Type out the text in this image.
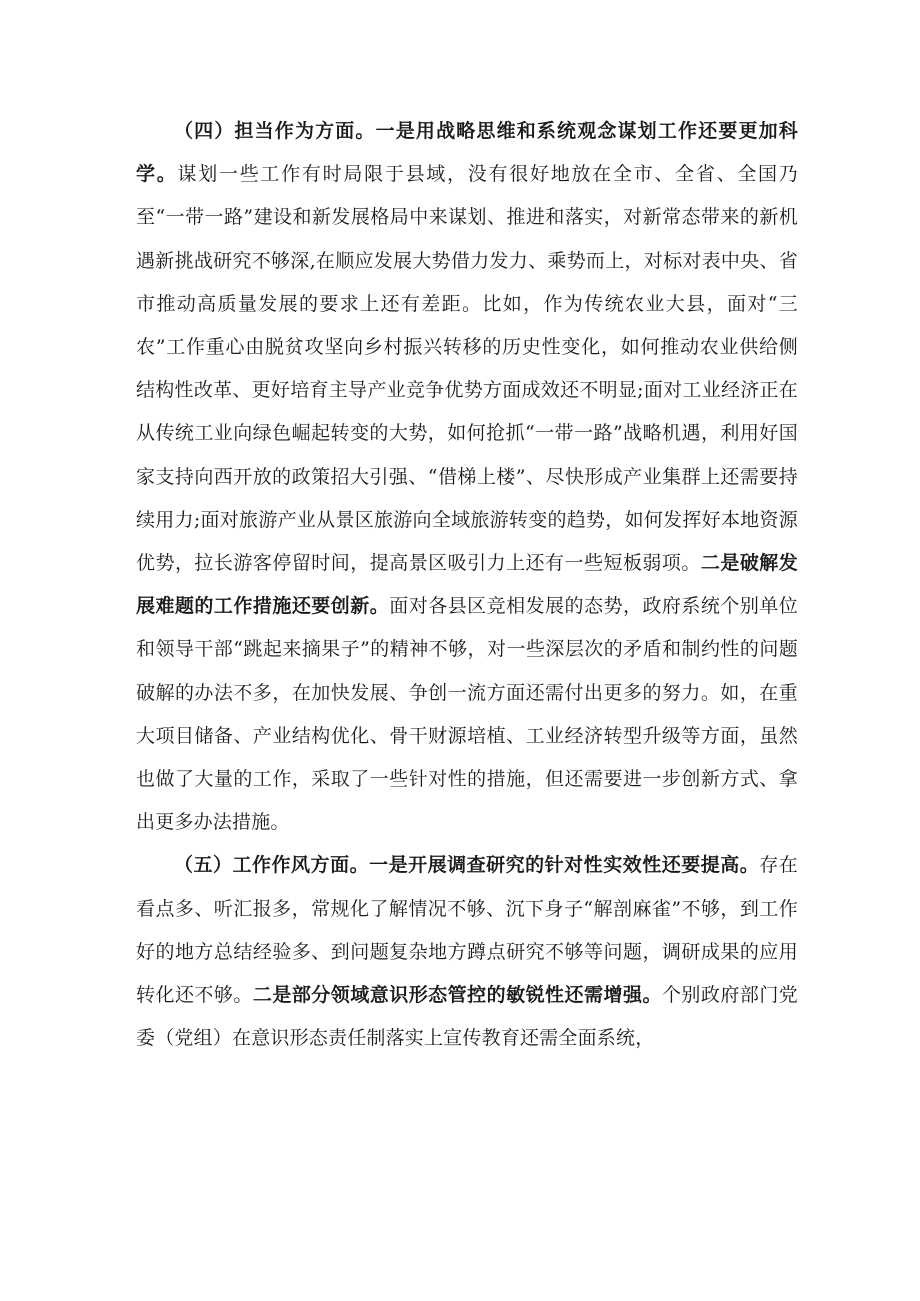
（四）担当作为方面。一是用战略思维和系统观念谋划工作还要更加科学。谋划一些工作有时局限于县域，没有很好地放在全市、全省、全国乃至“一带一路”建设和新发展格局中来谋划、推进和落实，对新常态带来的新机遇新挑战研究不够深,在顺应发展大势借力发力、乘势而上，对标对表中央、省市推动高质量发展的要求上还有差距。比如，作为传统农业大县，面对“三农”工作重心由脱贫攻坚向乡村振兴转移的历史性变化，如何推动农业供给侧结构性改革、更好培育主导产业竞争优势方面成效还不明显;面对工业经济正在从传统工业向绿色崛起转变的大势，如何抢抓“一带一路”战略机遇，利用好国家支持向西开放的政策招大引强、“借梯上楼”、尽快形成产业集群上还需要持续用力;面对旅游产业从景区旅游向全域旅游转变的趋势，如何发挥好本地资源优势，拉长游客停留时间，提高景区吸引力上还有一些短板弱项。二是破解发展难题的工作措施还要创新。面对各县区竞相发展的态势，政府系统个别单位和领导干部“跳起来摘果子”的精神不够，对一些深层次的矛盾和制约性的问题破解的办法不多，在加快发展、争创一流方面还需付出更多的努力。如，在重大项目储备、产业结构优化、骨干财源培植、工业经济转型升级等方面，虽然也做了大量的工作，采取了一些针对性的措施，但还需要进一步创新方式、拿出更多办法措施。

（五）工作作风方面。一是开展调查研究的针对性实效性还要提高。存在看点多、听汇报多，常规化了解情况不够、沉下身子“解剖麻雀”不够，到工作好的地方总结经验多、到问题复杂地方蹲点研究不够等问题，调研成果的应用转化还不够。二是部分领域意识形态管控的敏锐性还需增强。个别政府部门党委（党组）在意识形态责任制落实上宣传教育还需全面系统，
